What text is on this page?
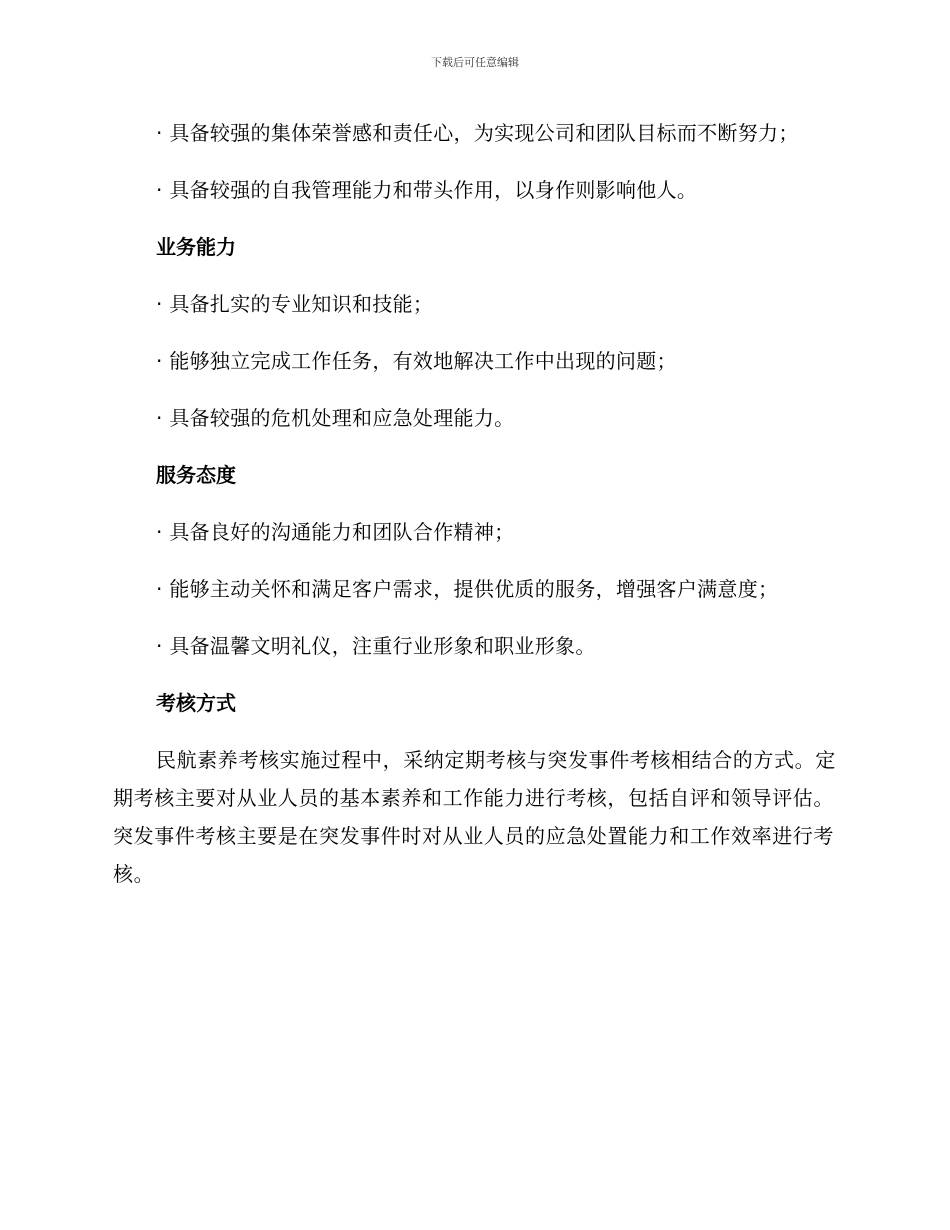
下载后可任意编辑

· 具备较强的集体荣誉感和责任心，为实现公司和团队目标而不断努力；

· 具备较强的自我管理能力和带头作用，以身作则影响他人。

业务能力

· 具备扎实的专业知识和技能；

· 能够独立完成工作任务，有效地解决工作中出现的问题；

· 具备较强的危机处理和应急处理能力。

服务态度

· 具备良好的沟通能力和团队合作精神；

· 能够主动关怀和满足客户需求，提供优质的服务，增强客户满意度；

· 具备温馨文明礼仪，注重行业形象和职业形象。

考核方式

民航素养考核实施过程中，采纳定期考核与突发事件考核相结合的方式。定期考核主要对从业人员的基本素养和工作能力进行考核，包括自评和领导评估。突发事件考核主要是在突发事件时对从业人员的应急处置能力和工作效率进行考核。
